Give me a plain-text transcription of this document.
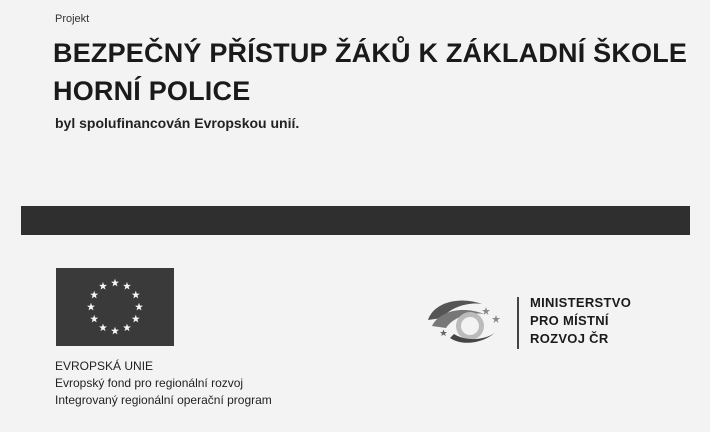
Projekt
BEZPEČNÝ PŘÍSTUP ŽÁKŮ K ZÁKLADNÍ ŠKOLE HORNÍ POLICE
byl spolufinancován Evropskou unií.
EVROPSKÁ UNIE
Evropský fond pro regionální rozvoj
Integrovaný regionální operační program
MINISTERSTVO
PRO MÍSTNÍ
ROZVOJ ČR
